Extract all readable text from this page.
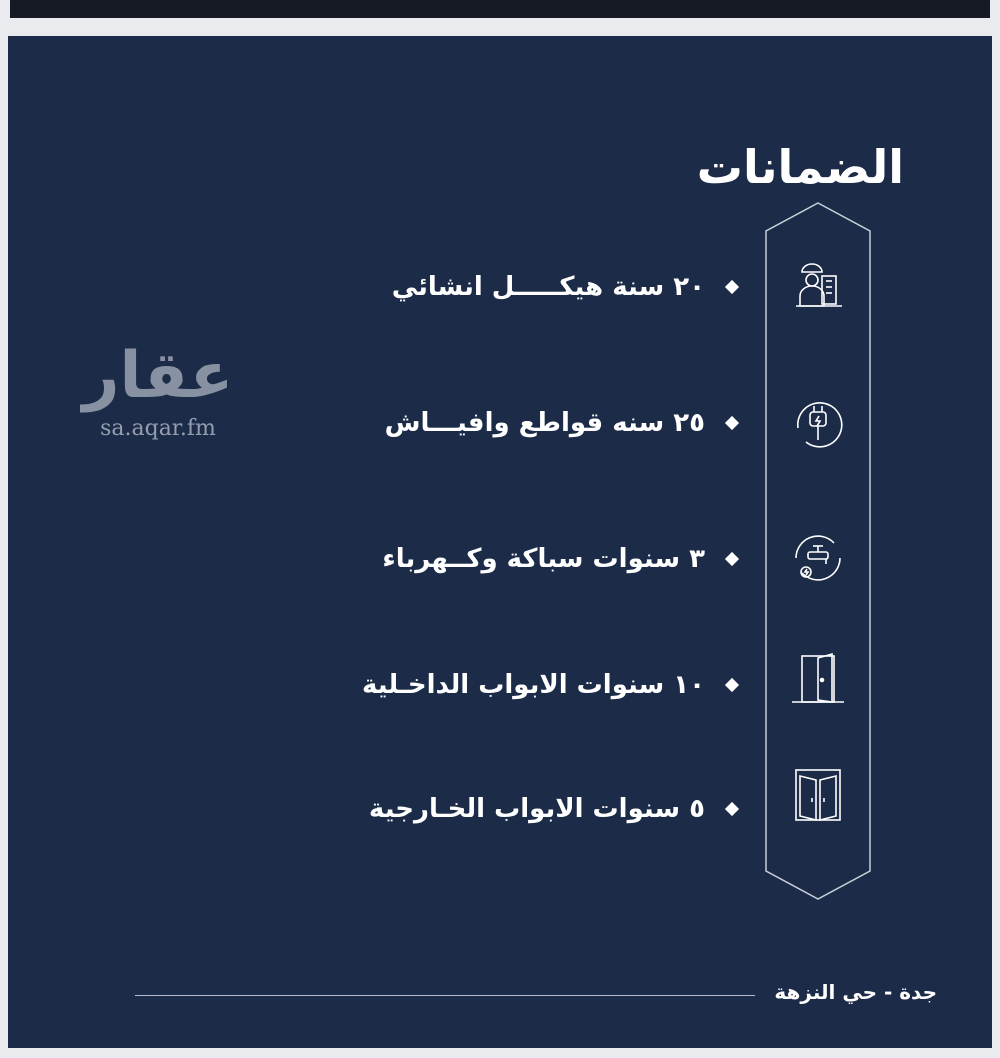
الضمانات
٢٠ سنة هيكـــــل انشائي
٢٥ سنه قواطع وافيـــاش
٣ سنوات سباكة وكــهرباء
١٠ سنوات الابواب الداخـلية
٥ سنوات الابواب الخـارجية
عقار
sa.aqar.fm
جدة - حي النزهة
